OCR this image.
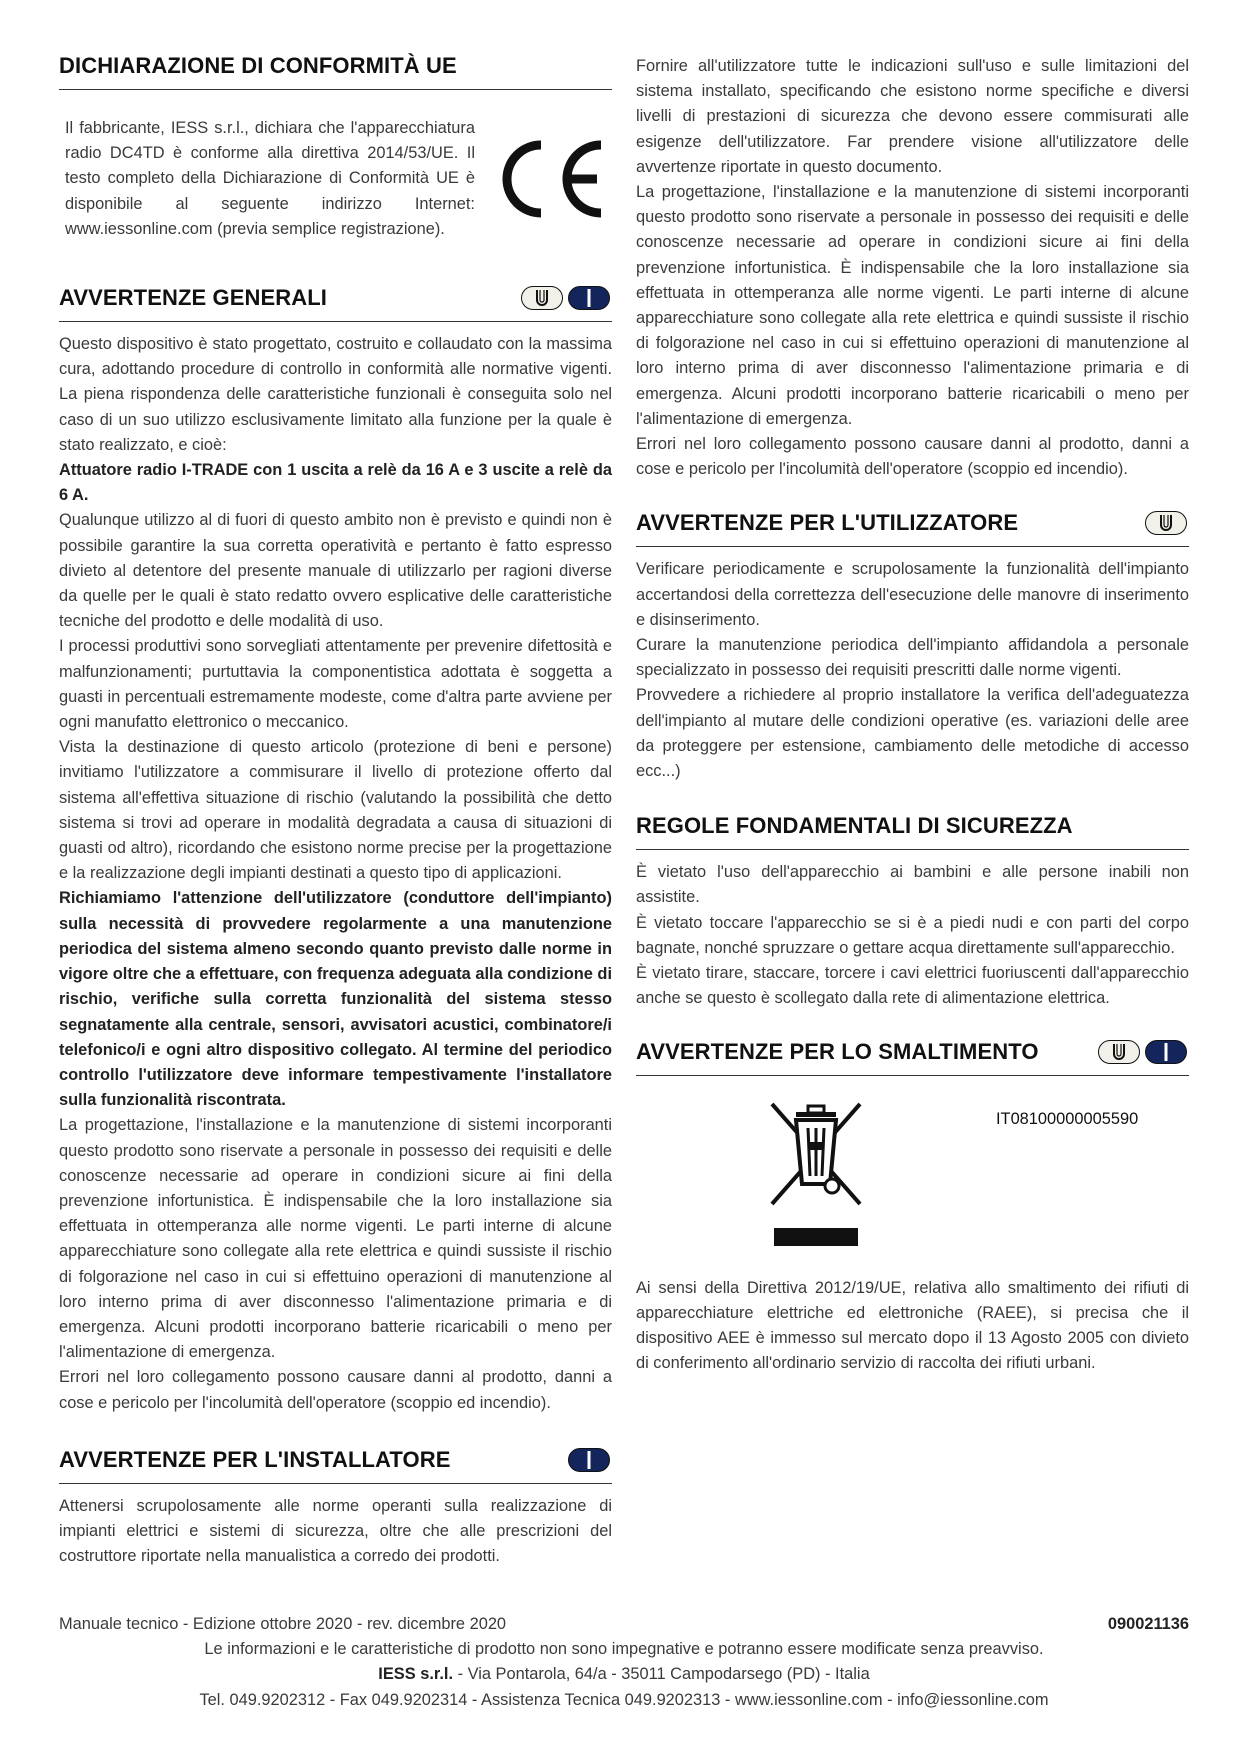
DICHIARAZIONE DI CONFORMITÀ UE

Il fabbricante, IESS s.r.l., dichiara che l'apparecchiatura radio DC4TD è conforme alla direttiva 2014/53/UE. Il testo completo della Dichiarazione di Conformità UE è disponibile al seguente indirizzo Internet: www.iessonline.com (previa semplice registrazione).

AVVERTENZE GENERALI

Questo dispositivo è stato progettato, costruito e collaudato con la massima cura, adottando procedure di controllo in conformità alle normative vigenti. La piena rispondenza delle caratteristiche funzionali è conseguita solo nel caso di un suo utilizzo esclusivamente limitato alla funzione per la quale è stato realizzato, e cioè:

Attuatore radio I-TRADE con 1 uscita a relè da 16 A e 3 uscite a relè da 6 A.

Qualunque utilizzo al di fuori di questo ambito non è previsto e quindi non è possibile garantire la sua corretta operatività e pertanto è fatto espresso divieto al detentore del presente manuale di utilizzarlo per ragioni diverse da quelle per le quali è stato redatto ovvero esplicative delle caratteristiche tecniche del prodotto e delle modalità di uso.

I processi produttivi sono sorvegliati attentamente per prevenire difettosità e malfunzionamenti; purtuttavia la componentistica adottata è soggetta a guasti in percentuali estremamente modeste, come d'altra parte avviene per ogni manufatto elettronico o meccanico.

Vista la destinazione di questo articolo (protezione di beni e persone) invitiamo l'utilizzatore a commisurare il livello di protezione offerto dal sistema all'effettiva situazione di rischio (valutando la possibilità che detto sistema si trovi ad operare in modalità degradata a causa di situazioni di guasti od altro), ricordando che esistono norme precise per la progettazione e la realizzazione degli impianti destinati a questo tipo di applicazioni.

Richiamiamo l'attenzione dell'utilizzatore (conduttore dell'impianto) sulla necessità di provvedere regolarmente a una manutenzione periodica del sistema almeno secondo quanto previsto dalle norme in vigore oltre che a effettuare, con frequenza adeguata alla condizione di rischio, verifiche sulla corretta funzionalità del sistema stesso segnatamente alla centrale, sensori, avvisatori acustici, combinatore/i telefonico/i e ogni altro dispositivo collegato. Al termine del periodico controllo l'utilizzatore deve informare tempestivamente l'installatore sulla funzionalità riscontrata.

La progettazione, l'installazione e la manutenzione di sistemi incorporanti questo prodotto sono riservate a personale in possesso dei requisiti e delle conoscenze necessarie ad operare in condizioni sicure ai fini della prevenzione infortunistica. È indispensabile che la loro installazione sia effettuata in ottemperanza alle norme vigenti. Le parti interne di alcune apparecchiature sono collegate alla rete elettrica e quindi sussiste il rischio di folgorazione nel caso in cui si effettuino operazioni di manutenzione al loro interno prima di aver disconnesso l'alimentazione primaria e di emergenza. Alcuni prodotti incorporano batterie ricaricabili o meno per l'alimentazione di emergenza.

Errori nel loro collegamento possono causare danni al prodotto, danni a cose e pericolo per l'incolumità dell'operatore (scoppio ed incendio).

AVVERTENZE PER L'INSTALLATORE

Attenersi scrupolosamente alle norme operanti sulla realizzazione di impianti elettrici e sistemi di sicurezza, oltre che alle prescrizioni del costruttore riportate nella manualistica a corredo dei prodotti.

Fornire all'utilizzatore tutte le indicazioni sull'uso e sulle limitazioni del sistema installato, specificando che esistono norme specifiche e diversi livelli di prestazioni di sicurezza che devono essere commisurati alle esigenze dell'utilizzatore. Far prendere visione all'utilizzatore delle avvertenze riportate in questo documento.

La progettazione, l'installazione e la manutenzione di sistemi incorporanti questo prodotto sono riservate a personale in possesso dei requisiti e delle conoscenze necessarie ad operare in condizioni sicure ai fini della prevenzione infortunistica. È indispensabile che la loro installazione sia effettuata in ottemperanza alle norme vigenti. Le parti interne di alcune apparecchiature sono collegate alla rete elettrica e quindi sussiste il rischio di folgorazione nel caso in cui si effettuino operazioni di manutenzione al loro interno prima di aver disconnesso l'alimentazione primaria e di emergenza. Alcuni prodotti incorporano batterie ricaricabili o meno per l'alimentazione di emergenza.

Errori nel loro collegamento possono causare danni al prodotto, danni a cose e pericolo per l'incolumità dell'operatore (scoppio ed incendio).

AVVERTENZE PER L'UTILIZZATORE

Verificare periodicamente e scrupolosamente la funzionalità dell'impianto accertandosi della correttezza dell'esecuzione delle manovre di inserimento e disinserimento.

Curare la manutenzione periodica dell'impianto affidandola a personale specializzato in possesso dei requisiti prescritti dalle norme vigenti.

Provvedere a richiedere al proprio installatore la verifica dell'adeguatezza dell'impianto al mutare delle condizioni operative (es. variazioni delle aree da proteggere per estensione, cambiamento delle metodiche di accesso ecc...)

REGOLE FONDAMENTALI DI SICUREZZA

È vietato l'uso dell'apparecchio ai bambini e alle persone inabili non assistite.

È vietato toccare l'apparecchio se si è a piedi nudi e con parti del corpo bagnate, nonché spruzzare o gettare acqua direttamente sull'apparecchio.

È vietato tirare, staccare, torcere i cavi elettrici fuoriuscenti dall'apparecchio anche se questo è scollegato dalla rete di alimentazione elettrica.

AVVERTENZE PER LO SMALTIMENTO
IT08100000005590

Ai sensi della Direttiva 2012/19/UE, relativa allo smaltimento dei rifiuti di apparecchiature elettriche ed elettroniche (RAEE), si precisa che il dispositivo AEE è immesso sul mercato dopo il 13 Agosto 2005 con divieto di conferimento all'ordinario servizio di raccolta dei rifiuti urbani.

Manuale tecnico - Edizione ottobre 2020 - rev. dicembre 2020	090021136
Le informazioni e le caratteristiche di prodotto non sono impegnative e potranno essere modificate senza preavviso.
IESS s.r.l. - Via Pontarola, 64/a - 35011 Campodarsego (PD) - Italia
Tel. 049.9202312 - Fax 049.9202314 - Assistenza Tecnica 049.9202313 - www.iessonline.com - info@iessonline.com
